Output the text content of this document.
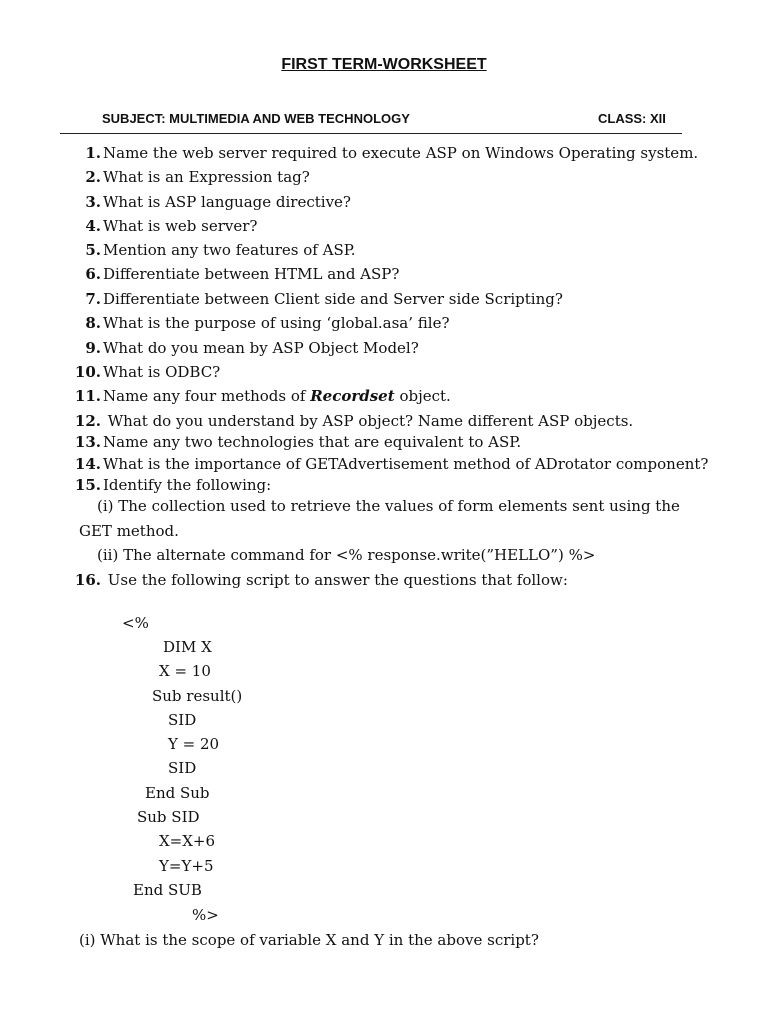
FIRST TERM-WORKSHEET
SUBJECT: MULTIMEDIA AND WEB TECHNOLOGY	CLASS: XII
1. Name the web server required to execute ASP on Windows Operating system.
2. What is an Expression tag?
3. What is ASP language directive?
4. What is web server?
5. Mention any two features of ASP.
6. Differentiate between HTML and ASP?
7. Differentiate between Client side and Server side Scripting?
8. What is the purpose of using ‘global.asa’ file?
9. What do you mean by ASP Object Model?
10. What is ODBC?
11. Name any four methods of Recordset object.
12. What do you understand by ASP object? Name different ASP objects.
13. Name any two technologies that are equivalent to ASP.
14. What is the importance of GETAdvertisement method of ADrotator component?
15. Identify the following:
(i) The collection used to retrieve the values of form elements sent using the
GET method.
(ii) The alternate command for <% response.write(”HELLO”) %>
16. Use the following script to answer the questions that follow:
<%
DIM X
X = 10
Sub result()
SID
Y = 20
SID
End Sub
Sub SID
X=X+6
Y=Y+5
End SUB
%>
(i) What is the scope of variable X and Y in the above script?
